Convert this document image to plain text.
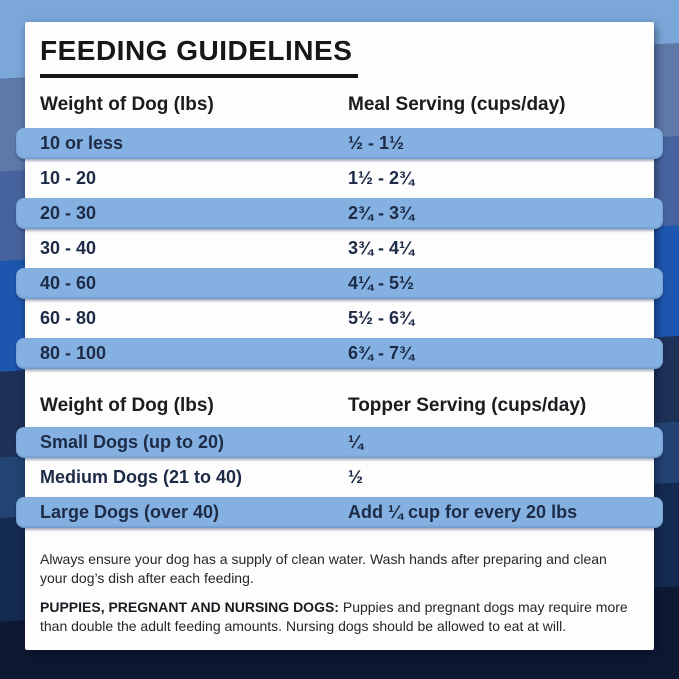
FEEDING GUIDELINES
Weight of Dog (lbs)	Meal Serving (cups/day)
10 or less	½ - 1½
10 - 20	1½ - 2¾
20 - 30	2¾ - 3¾
30 - 40	3¾ - 4¼
40 - 60	4¼ - 5½
60 - 80	5½ - 6¾
80 - 100	6¾ - 7¾
Weight of Dog (lbs)	Topper Serving (cups/day)
Small Dogs (up to 20)	¼
Medium Dogs (21 to 40)	½
Large Dogs (over 40)	Add ¼ cup for every 20 lbs

Always ensure your dog has a supply of clean water. Wash hands after preparing and clean your dog’s dish after each feeding.

PUPPIES, PREGNANT AND NURSING DOGS: Puppies and pregnant dogs may require more than double the adult feeding amounts. Nursing dogs should be allowed to eat at will.
